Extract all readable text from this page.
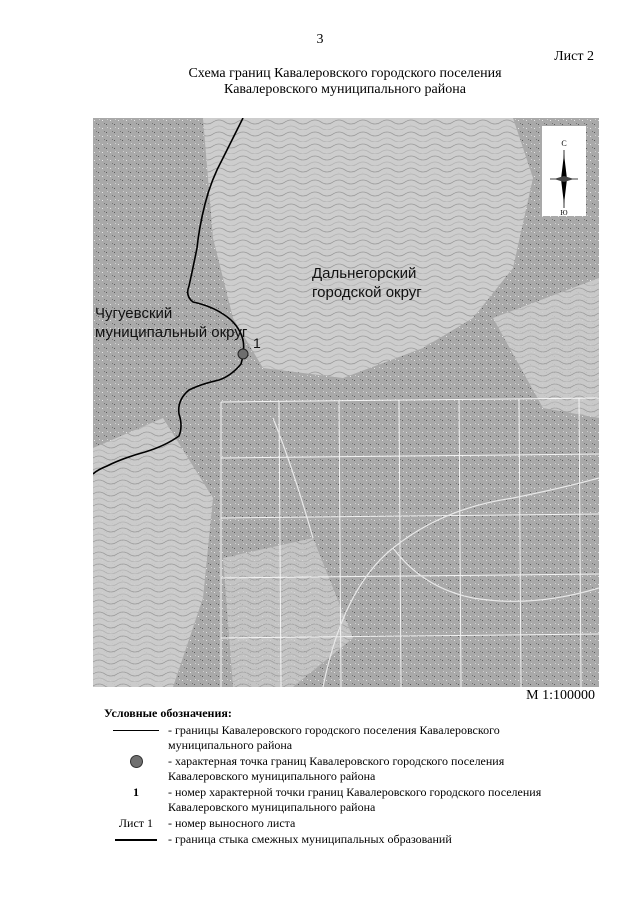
3
Лист 2
Схема границ Кавалеровского городского поселения
Кавалеровского муниципального района
Дальнегорский городской округ
Чугуевский муниципальный округ
1
С
Ю
М 1:100000
Условные обозначения:
- границы Кавалеровского городского поселения Кавалеровского муниципального района
- характерная точка границ Кавалеровского городского поселения Кавалеровского муниципального района
1	- номер характерной точки границ Кавалеровского городского поселения Кавалеровского муниципального района
Лист 1	- номер выносного листа
- граница стыка смежных муниципальных образований
